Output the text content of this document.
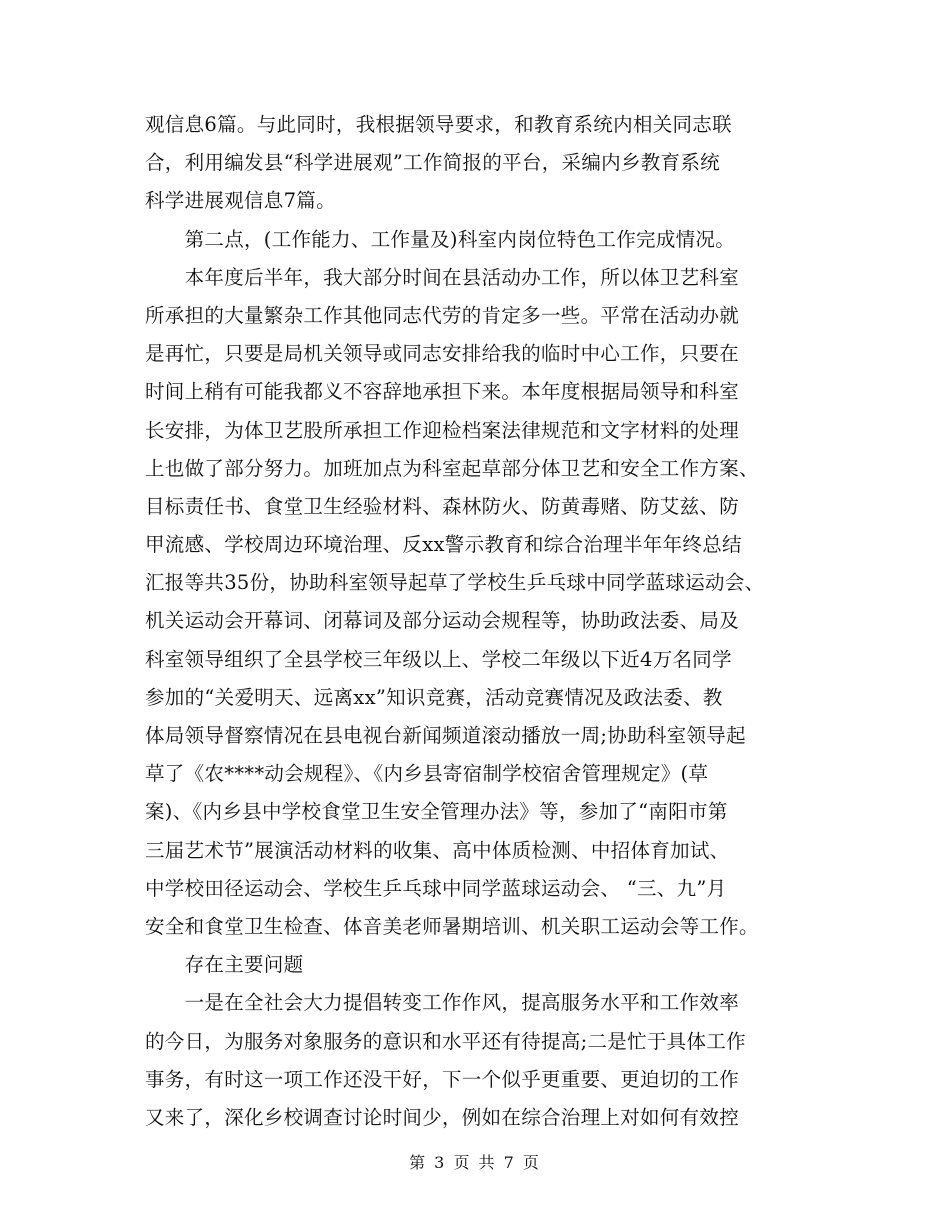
观信息6篇。与此同时，我根据领导要求，和教育系统内相关同志联
合，利用编发县“科学进展观”工作简报的平台，采编内乡教育系统
科学进展观信息7篇。
　　第二点，(工作能力、工作量及)科室内岗位特色工作完成情况。
　　本年度后半年，我大部分时间在县活动办工作，所以体卫艺科室
所承担的大量繁杂工作其他同志代劳的肯定多一些。平常在活动办就
是再忙，只要是局机关领导或同志安排给我的临时中心工作，只要在
时间上稍有可能我都义不容辞地承担下来。本年度根据局领导和科室
长安排，为体卫艺股所承担工作迎检档案法律规范和文字材料的处理
上也做了部分努力。加班加点为科室起草部分体卫艺和安全工作方案、
目标责任书、食堂卫生经验材料、森林防火、防黄毒赌、防艾兹、防
甲流感、学校周边环境治理、反xx警示教育和综合治理半年年终总结
汇报等共35份，协助科室领导起草了学校生乒乓球中同学蓝球运动会、
机关运动会开幕词、闭幕词及部分运动会规程等，协助政法委、局及
科室领导组织了全县学校三年级以上、学校二年级以下近4万名同学
参加的“关爱明天、远离xx”知识竞赛，活动竞赛情况及政法委、教
体局领导督察情况在县电视台新闻频道滚动播放一周;协助科室领导起
草了《农****动会规程》、《内乡县寄宿制学校宿舍管理规定》(草
案)、《内乡县中学校食堂卫生安全管理办法》等，参加了“南阳市第
三届艺术节”展演活动材料的收集、高中体质检测、中招体育加试、
中学校田径运动会、学校生乒乓球中同学蓝球运动会、 “三、九”月
安全和食堂卫生检查、体音美老师暑期培训、机关职工运动会等工作。
　　存在主要问题
　　一是在全社会大力提倡转变工作作风，提高服务水平和工作效率
的今日，为服务对象服务的意识和水平还有待提高;二是忙于具体工作
事务，有时这一项工作还没干好，下一个似乎更重要、更迫切的工作
又来了，深化乡校调查讨论时间少，例如在综合治理上对如何有效控
第 3 页 共 7 页
